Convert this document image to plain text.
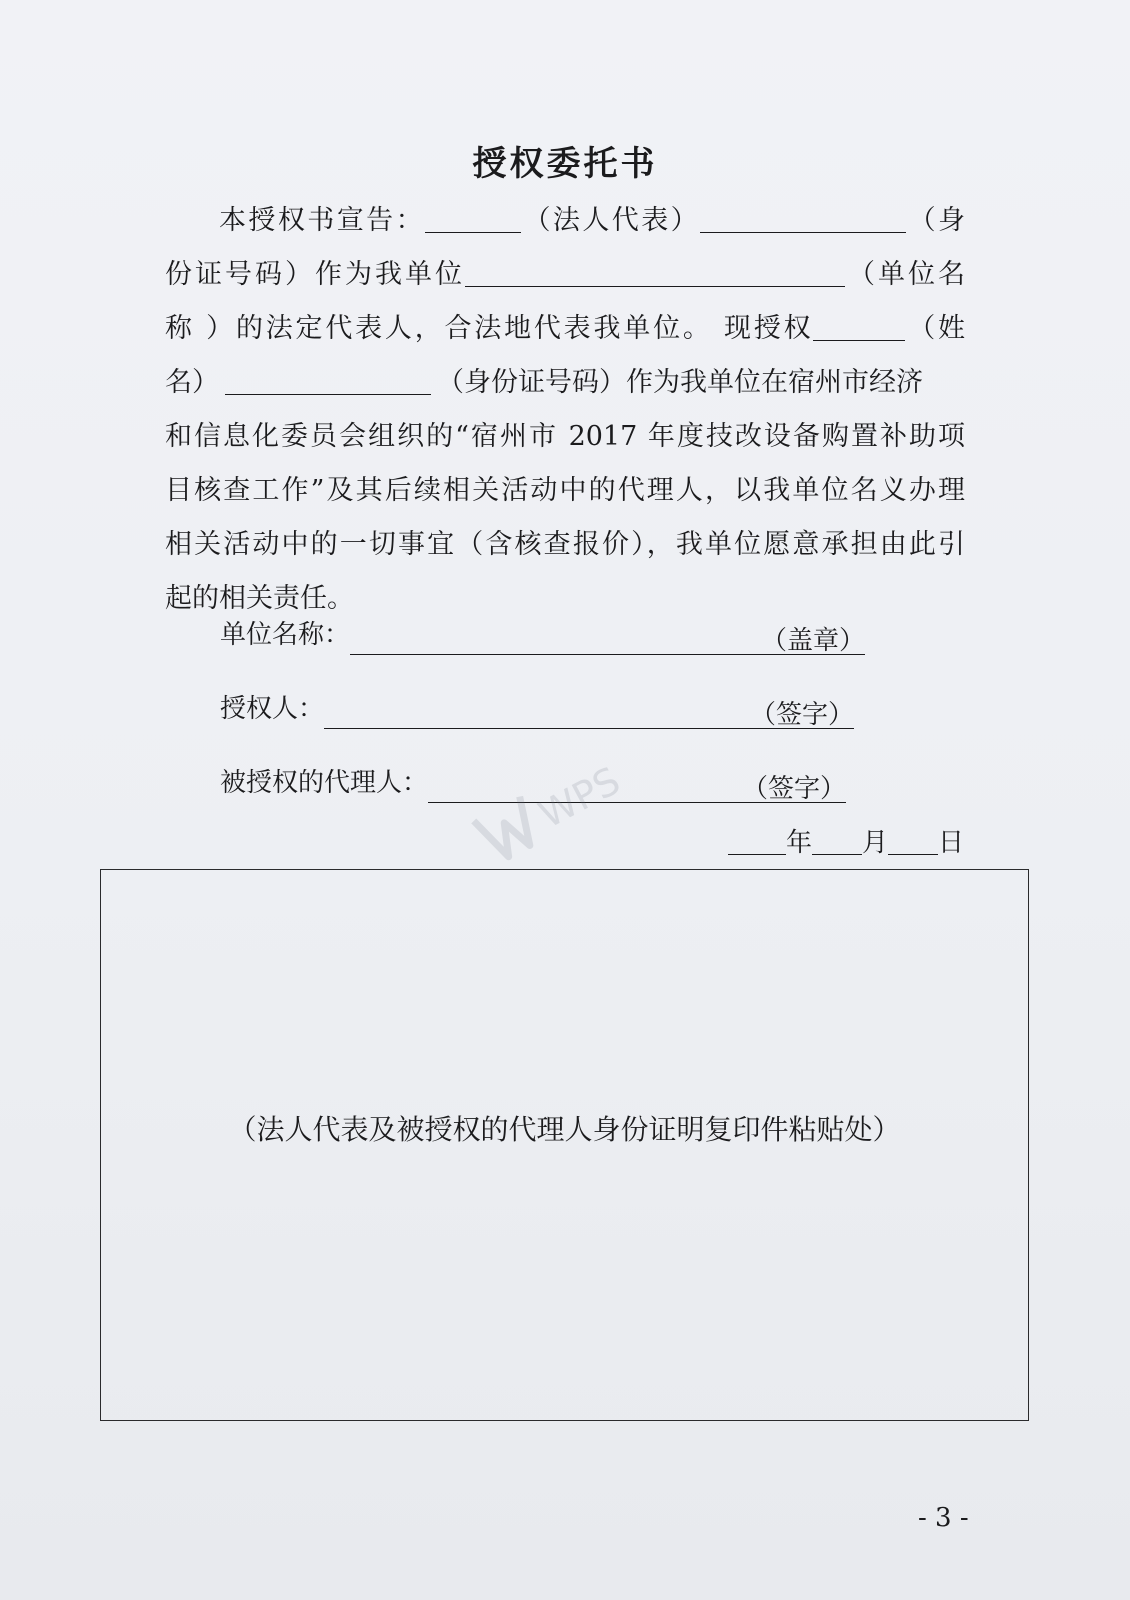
授权委托书
本授权书宣告：	（法人代表）	（身
份证号码）作为我单位	（单位名
称 ）的法定代表人，合法地代表我单位。 现授权	（姓
名）	（身份证号码）作为我单位在宿州市经济
和信息化委员会组织的“宿州市 2017 年度技改设备购置补助项
目核查工作”及其后续相关活动中的代理人，以我单位名义办理
相关活动中的一切事宜（含核查报价），我单位愿意承担由此引
起的相关责任。
单位名称：	（盖章）
授权人：	（签字）
被授权的代理人：	（签字）
WPS
年 月 日
（法人代表及被授权的代理人身份证明复印件粘贴处）
- 3 -
